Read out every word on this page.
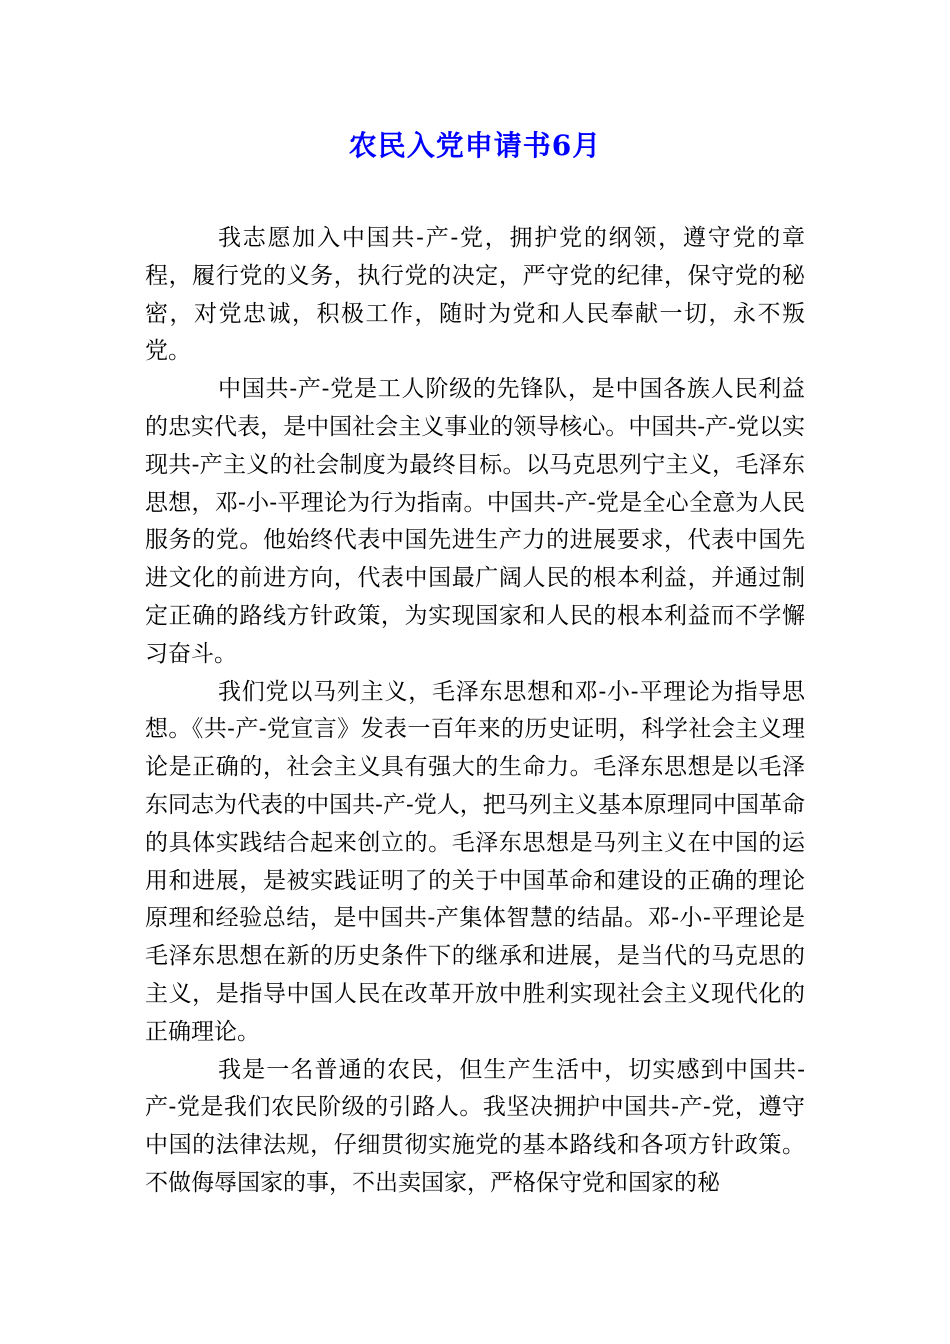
农民入党申请书6月

我志愿加入中国共-产-党，拥护党的纲领，遵守党的章程，履行党的义务，执行党的决定，严守党的纪律，保守党的秘密，对党忠诚，积极工作，随时为党和人民奉献一切，永不叛党。

中国共-产-党是工人阶级的先锋队，是中国各族人民利益的忠实代表，是中国社会主义事业的领导核心。中国共-产-党以实现共-产主义的社会制度为最终目标。以马克思列宁主义，毛泽东思想，邓-小-平理论为行为指南。中国共-产-党是全心全意为人民服务的党。他始终代表中国先进生产力的进展要求，代表中国先进文化的前进方向，代表中国最广阔人民的根本利益，并通过制定正确的路线方针政策，为实现国家和人民的根本利益而不学懈习奋斗。

我们党以马列主义，毛泽东思想和邓-小-平理论为指导思想。《共-产-党宣言》发表一百年来的历史证明，科学社会主义理论是正确的，社会主义具有强大的生命力。毛泽东思想是以毛泽东同志为代表的中国共-产-党人，把马列主义基本原理同中国革命的具体实践结合起来创立的。毛泽东思想是马列主义在中国的运用和进展，是被实践证明了的关于中国革命和建设的正确的理论原理和经验总结，是中国共-产集体智慧的结晶。邓-小-平理论是毛泽东思想在新的历史条件下的继承和进展，是当代的马克思的主义，是指导中国人民在改革开放中胜利实现社会主义现代化的正确理论。

我是一名普通的农民，但生产生活中，切实感到中国共-产-党是我们农民阶级的引路人。我坚决拥护中国共-产-党，遵守中国的法律法规，仔细贯彻实施党的基本路线和各项方针政策。不做侮辱国家的事，不出卖国家，严格保守党和国家的秘
